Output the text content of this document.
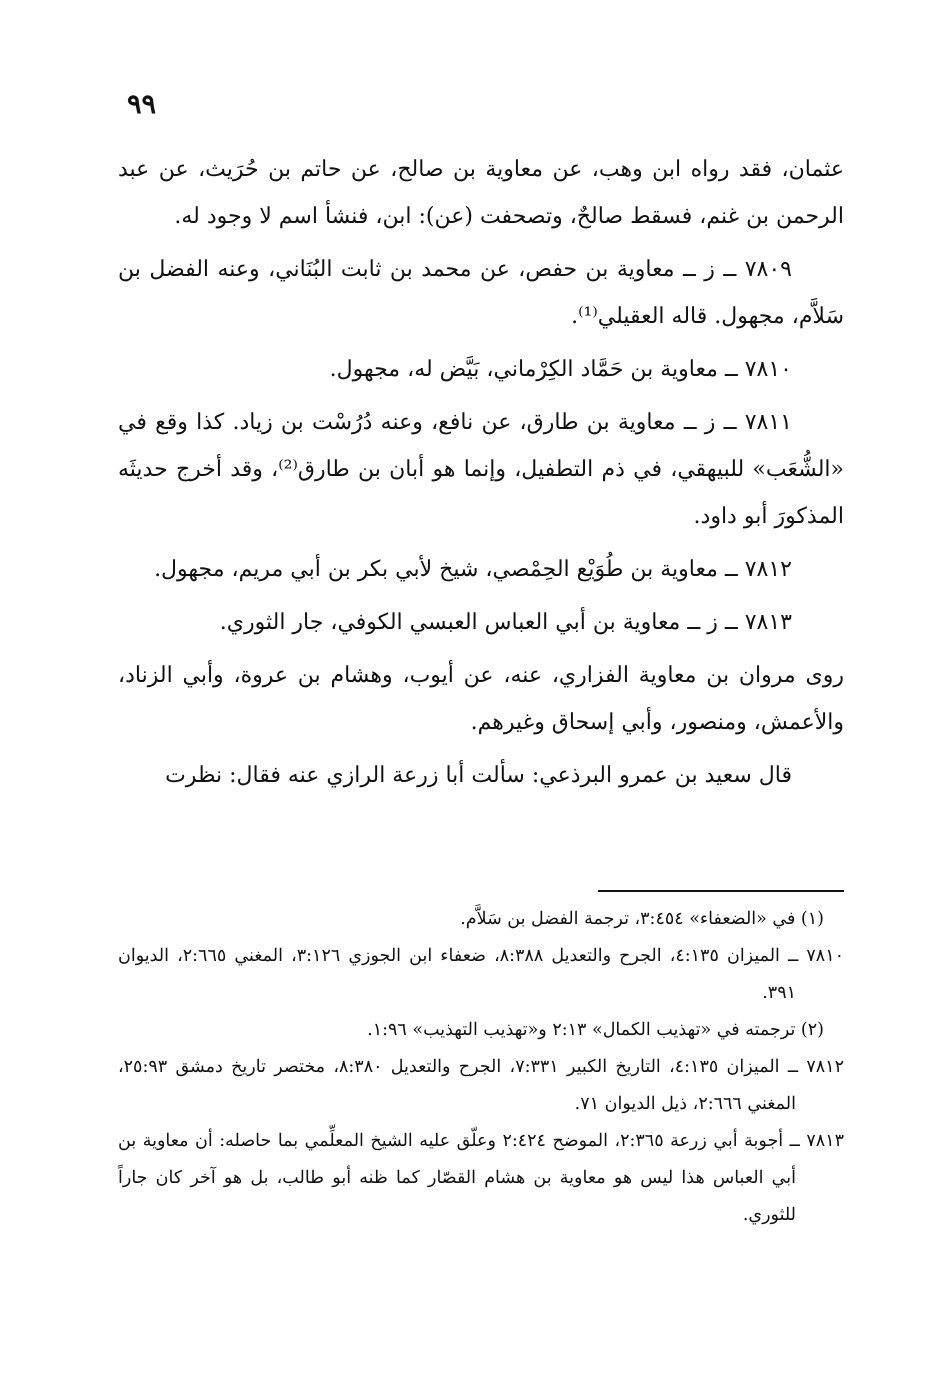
٩٩

عثمان، فقد رواه ابن وهب، عن معاوية بن صالح، عن حاتم بن حُرَيث، عن عبد الرحمن بن غنم، فسقط صالحٌ، وتصحفت (عن): ابن، فنشأ اسم لا وجود له.

٧٨٠٩ ــ ز ــ معاوية بن حفص، عن محمد بن ثابت البُنَاني، وعنه الفضل بن سَلاَّم، مجهول. قاله العقيلي⁽¹⁾.

٧٨١٠ ــ معاوية بن حَمَّاد الكِرْماني، بَيَّض له، مجهول.

٧٨١١ ــ ز ــ معاوية بن طارق، عن نافع، وعنه دُرُسْت بن زياد. كذا وقع في «الشُّعَب» للبيهقي، في ذم التطفيل، وإنما هو أبان بن طارق⁽²⁾، وقد أخرج حديثَه المذكورَ أبو داود.

٧٨١٢ ــ معاوية بن طُوَيْع الحِمْصي، شيخ لأبي بكر بن أبي مريم، مجهول.

٧٨١٣ ــ ز ــ معاوية بن أبي العباس العبسي الكوفي، جار الثوري.

روى مروان بن معاوية الفزاري، عنه، عن أيوب، وهشام بن عروة، وأبي الزناد، والأعمش، ومنصور، وأبي إسحاق وغيرهم.

قال سعيد بن عمرو البرذعي: سألت أبا زرعة الرازي عنه فقال: نظرت

(١) في «الضعفاء» ٣:٤٥٤، ترجمة الفضل بن سَلاَّم.

٧٨١٠ ــ الميزان ٤:١٣٥، الجرح والتعديل ٨:٣٨٨، ضعفاء ابن الجوزي ٣:١٢٦، المغني ٢:٦٦٥، الديوان ٣٩١.

(٢) ترجمته في «تهذيب الكمال» ٢:١٣ و«تهذيب التهذيب» ١:٩٦.

٧٨١٢ ــ الميزان ٤:١٣٥، التاريخ الكبير ٧:٣٣١، الجرح والتعديل ٨:٣٨٠، مختصر تاريخ دمشق ٢٥:٩٣، المغني ٢:٦٦٦، ذيل الديوان ٧١.

٧٨١٣ ــ أجوبة أبي زرعة ٢:٣٦٥، الموضح ٢:٤٢٤ وعلّق عليه الشيخ المعلِّمي بما حاصله: أن معاوية بن أبي العباس هذا ليس هو معاوية بن هشام القصّار كما ظنه أبو طالب، بل هو آخر كان جاراً للثوري.
